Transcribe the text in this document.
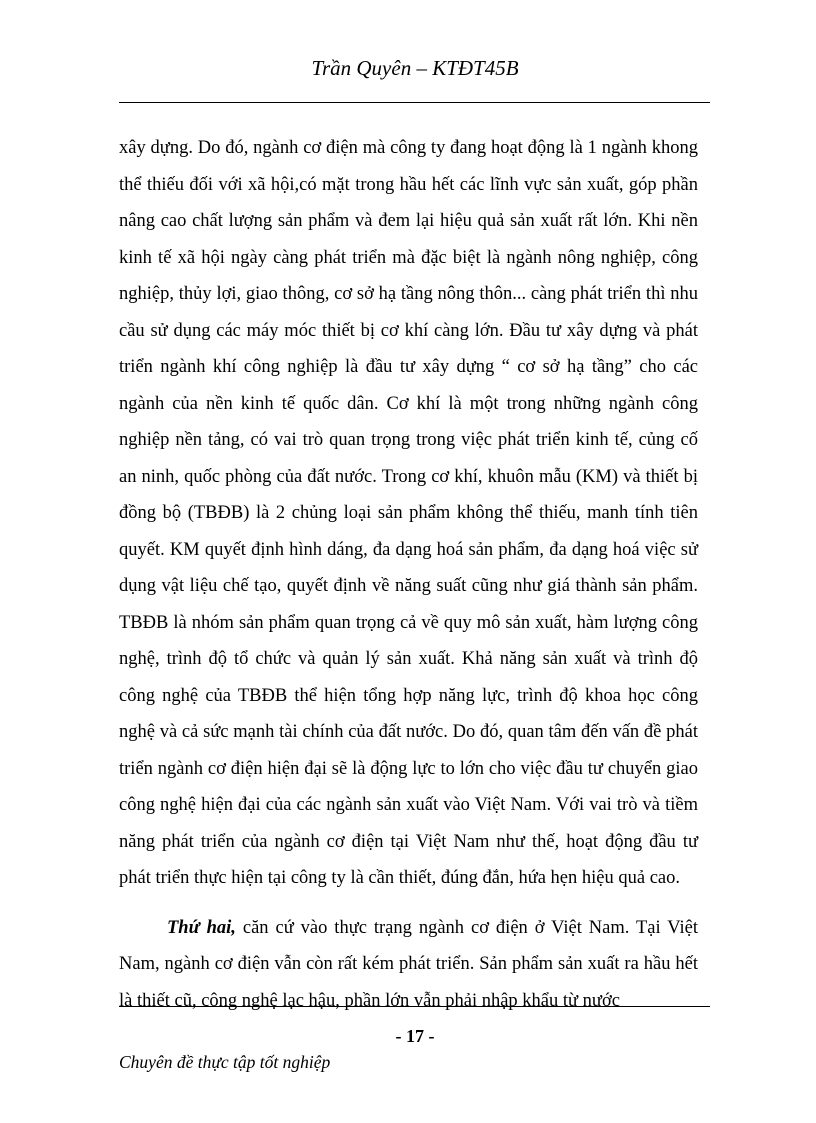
Trần Quyên – KTĐT45B

xây dựng. Do đó, ngành cơ điện mà công ty đang hoạt động là 1 ngành khong thể thiếu đối với xã hội,có mặt trong hầu hết các lĩnh vực sản xuất, góp phần nâng cao chất lượng sản phẩm và đem lại hiệu quả sản xuất rất lớn. Khi nền kinh tế xã hội ngày càng phát triển mà đặc biệt là ngành nông nghiệp, công nghiệp, thủy lợi, giao thông, cơ sở hạ tầng nông thôn... càng phát triển thì nhu cầu sử dụng các máy móc thiết bị cơ khí càng lớn. Đầu tư xây dựng và phát triển ngành khí công nghiệp là đầu tư xây dựng “ cơ sở hạ tầng” cho các ngành của nền kinh tế quốc dân. Cơ khí là một trong những ngành công nghiệp nền tảng, có vai trò quan trọng trong việc phát triển kinh tế, củng cố an ninh, quốc phòng của đất nước. Trong cơ khí, khuôn mẫu (KM) và thiết bị đồng bộ (TBĐB) là 2 chủng loại sản phẩm không thể thiếu, manh tính tiên quyết. KM quyết định hình dáng, đa dạng hoá sản phẩm, đa dạng hoá việc sử dụng vật liệu chế tạo, quyết định về năng suất cũng như giá thành sản phẩm. TBĐB là nhóm sản phẩm quan trọng cả về quy mô sản xuất, hàm lượng công nghệ, trình độ tổ chức và quản lý sản xuất. Khả năng sản xuất và trình độ công nghệ của TBĐB thể hiện tổng hợp năng lực, trình độ khoa học công nghệ và cả sức mạnh tài chính của đất nước. Do đó, quan tâm đến vấn đề phát triển ngành cơ điện hiện đại sẽ là động lực to lớn cho việc đầu tư chuyển giao công nghệ hiện đại của các ngành sản xuất vào Việt Nam. Với vai trò và tiềm năng phát triển của ngành cơ điện tại Việt Nam như thế, hoạt động đầu tư phát triển thực hiện tại công ty là cần thiết, đúng đắn, hứa hẹn hiệu quả cao.

Thứ hai, căn cứ vào thực trạng ngành cơ điện ở Việt Nam. Tại Việt Nam, ngành cơ điện vẫn còn rất kém phát triển. Sản phẩm sản xuất ra hầu hết là thiết cũ, công nghệ lạc hậu, phần lớn vẫn phải nhập khẩu từ nước

- 17 -
Chuyên đề thực tập tốt nghiệp
